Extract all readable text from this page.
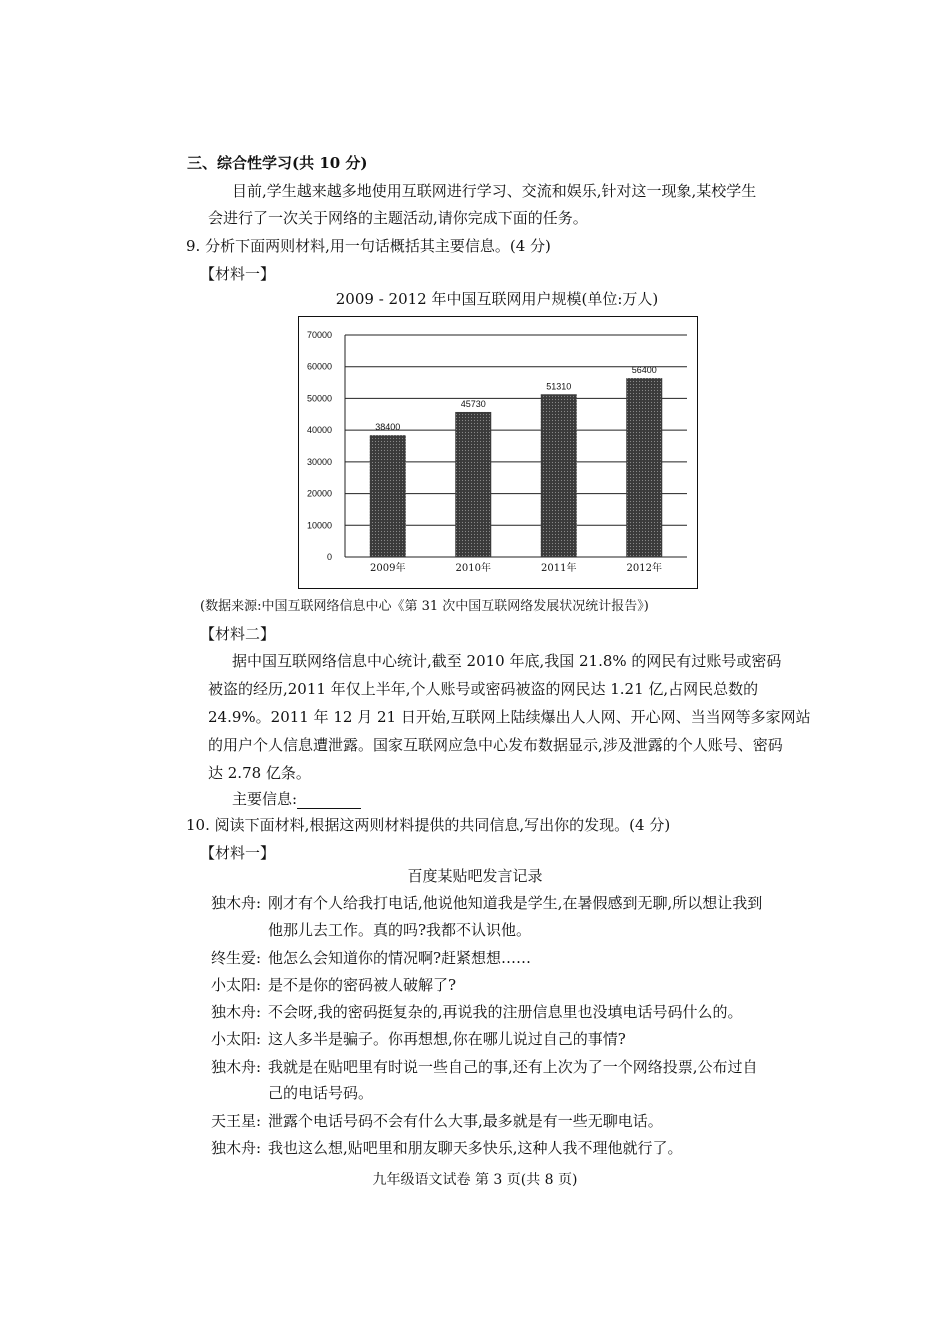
三、综合性学习(共 10 分)
目前,学生越来越多地使用互联网进行学习、交流和娱乐,针对这一现象,某校学生
会进行了一次关于网络的主题活动,请你完成下面的任务。
9. 分析下面两则材料,用一句话概括其主要信息。(4 分)
【材料一】
2009 - 2012 年中国互联网用户规模(单位:万人)
0
10000
20000
30000
40000
50000
60000
70000
38400
2009年
45730
2010年
51310
2011年
56400
2012年
(数据来源:中国互联网络信息中心《第 31 次中国互联网络发展状况统计报告》)
【材料二】
据中国互联网络信息中心统计,截至 2010 年底,我国 21.8% 的网民有过账号或密码
被盗的经历,2011 年仅上半年,个人账号或密码被盗的网民达 1.21 亿,占网民总数的
24.9%。2011 年 12 月 21 日开始,互联网上陆续爆出人人网、开心网、当当网等多家网站
的用户个人信息遭泄露。国家互联网应急中心发布数据显示,涉及泄露的个人账号、密码
达 2.78 亿条。
主要信息:
10. 阅读下面材料,根据这两则材料提供的共同信息,写出你的发现。(4 分)
【材料一】
百度某贴吧发言记录
独木舟: 刚才有个人给我打电话,他说他知道我是学生,在暑假感到无聊,所以想让我到
他那儿去工作。真的吗?我都不认识他。
终生爱: 他怎么会知道你的情况啊?赶紧想想……
小太阳: 是不是你的密码被人破解了?
独木舟: 不会呀,我的密码挺复杂的,再说我的注册信息里也没填电话号码什么的。
小太阳: 这人多半是骗子。你再想想,你在哪儿说过自己的事情?
独木舟: 我就是在贴吧里有时说一些自己的事,还有上次为了一个网络投票,公布过自
己的电话号码。
天王星: 泄露个电话号码不会有什么大事,最多就是有一些无聊电话。
独木舟: 我也这么想,贴吧里和朋友聊天多快乐,这种人我不理他就行了。
九年级语文试卷 第 3 页(共 8 页)
